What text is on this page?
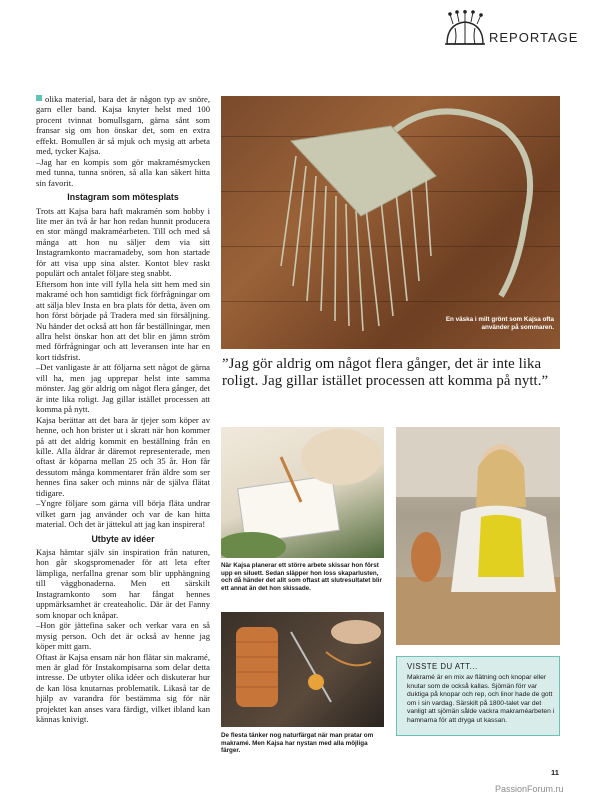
REPORTAGE

olika material, bara det är någon typ av snöre, garn eller band. Kajsa knyter helst med 100 procent tvinnat bomullsgarn, gärna sånt som fransar sig om hon önskar det, som en extra effekt. Bomullen är så mjuk och mysig att arbeta med, tycker Kajsa.

–Jag har en kompis som gör makramésmycken med tunna, tunna snören, så alla kan säkert hitta sin favorit.

Instagram som mötesplats

Trots att Kajsa bara haft makramén som hobby i lite mer än två år har hon redan hunnit producera en stor mängd makraméarbeten. Till och med så många att hon nu säljer dem via sitt Instagramkonto macramadeby, som hon startade för att visa upp sina alster. Kontot blev raskt populärt och antalet följare steg snabbt.

Eftersom hon inte vill fylla hela sitt hem med sin makramé och hon samtidigt fick förfrågningar om att sälja blev Insta en bra plats för detta, även om hon först började på Tradera med sin försäljning. Nu händer det också att hon får beställningar, men allra helst önskar hon att det blir en jämn ström med förfrågningar och att leveransen inte har en kort tidsfrist.

–Det vanligaste är att följarna sett något de gärna vill ha, men jag upprepar helst inte samma mönster. Jag gör aldrig om något flera gånger, det är inte lika roligt. Jag gillar istället processen att komma på nytt.

Kajsa berättar att det bara är tjejer som köper av henne, och hon brister ut i skratt när hon kommer på att det aldrig kommit en beställning från en kille. Alla åldrar är däremot representerade, men oftast är köparna mellan 25 och 35 år. Hon får dessutom många kommentarer från äldre som ser hennes fina saker och minns när de själva flätat tidigare.

–Yngre följare som gärna vill börja fläta undrar vilket garn jag använder och var de kan hitta material. Och det är jättekul att jag kan inspirera!

Utbyte av idéer

Kajsa hämtar själv sin inspiration från naturen, hon går skogspromenader för att leta efter lämpliga, nerfallna grenar som blir upphängning till väggbonaderna. Men ett särskilt Instagramkonto som har fångat hennes uppmärksamhet är createaholic. Där är det Fanny som knopar och knåpar.

–Hon gör jättefina saker och verkar vara en så mysig person. Och det är också av henne jag köper mitt garn.

Oftast är Kajsa ensam när hon flätar sin makramé, men är glad för Instakompisarna som delar detta intresse. De utbyter olika idéer och diskuterar hur de kan lösa knutarnas problematik. Likaså tar de hjälp av varandra för bestämma sig för när projektet kan anses vara färdigt, vilket ibland kan kännas knivigt.

En väska i milt grönt som Kajsa ofta använder på sommaren.
”Jag gör aldrig om något flera gånger, det är inte lika roligt. Jag gillar istället processen att komma på nytt.”
När Kajsa planerar ett större arbete skissar hon först upp en siluett. Sedan släpper hon loss skaparlusten, och då händer det allt som oftast att slutresultatet blir ett annat än det hon skissade.
De flesta tänker nog naturfärgat när man pratar om makramé. Men Kajsa har nystan med alla möjliga färger.
VISSTE DU ATT...
Makramé är en mix av flätning och knopar eller knutar som de också kallas. Sjömän förr var duktiga på knopar och rep, och linor hade de gott om i sin vardag. Särskilt på 1800-talet var det vanligt att sjömän sålde vackra makraméarbeten i hamnarna för att dryga ut kassan.
11
PassionForum.ru
